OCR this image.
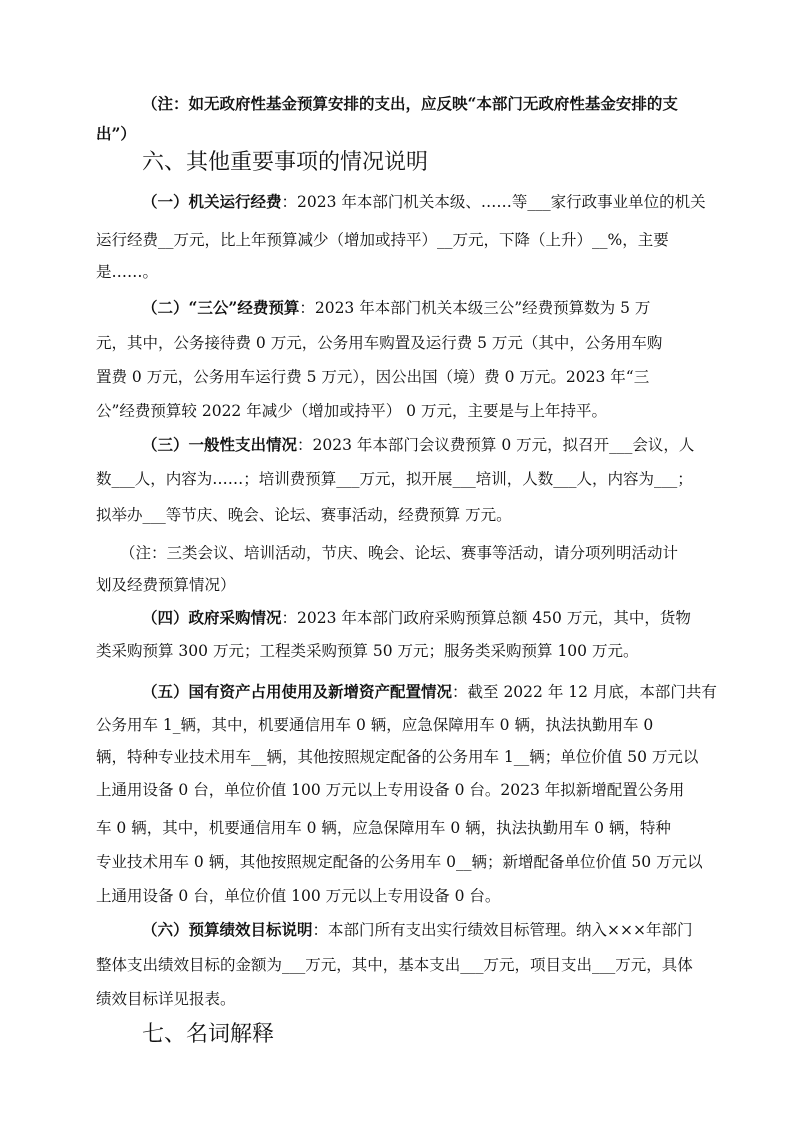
（注：如无政府性基金预算安排的支出，应反映“本部门无政府性基金安排的支
出”）
六、其他重要事项的情况说明
（一）机关运行经费：2023 年本部门机关本级、……等___家行政事业单位的机关
运行经费__万元，比上年预算减少（增加或持平）__万元，下降（上升）__%，主要
是……。
（二）“三公”经费预算：2023 年本部门机关本级三公”经费预算数为 5 万
元，其中，公务接待费 0 万元，公务用车购置及运行费 5 万元（其中，公务用车购
置费 0 万元，公务用车运行费 5 万元），因公出国（境）费 0 万元。2023 年“三
公”经费预算较 2022 年减少（增加或持平） 0 万元，主要是与上年持平。
（三）一般性支出情况：2023 年本部门会议费预算 0 万元，拟召开___会议，人
数___人，内容为……；培训费预算___万元，拟开展___培训，人数___人，内容为___；
拟举办___等节庆、晚会、论坛、赛事活动，经费预算 万元。
（注：三类会议、培训活动，节庆、晚会、论坛、赛事等活动，请分项列明活动计
划及经费预算情况）
（四）政府采购情况：2023 年本部门政府采购预算总额 450 万元，其中，货物
类采购预算 300 万元；工程类采购预算 50 万元；服务类采购预算 100 万元。
（五）国有资产占用使用及新增资产配置情况：截至 2022 年 12 月底，本部门共有
公务用车 1_辆，其中，机要通信用车 0 辆，应急保障用车 0 辆，执法执勤用车 0
辆，特种专业技术用车__辆，其他按照规定配备的公务用车 1__辆；单位价值 50 万元以
上通用设备 0 台，单位价值 100 万元以上专用设备 0 台。2023 年拟新增配置公务用
车 0 辆，其中，机要通信用车 0 辆，应急保障用车 0 辆，执法执勤用车 0 辆，特种
专业技术用车 0 辆，其他按照规定配备的公务用车 0__辆；新增配备单位价值 50 万元以
上通用设备 0 台，单位价值 100 万元以上专用设备 0 台。
（六）预算绩效目标说明：本部门所有支出实行绩效目标管理。纳入×××年部门
整体支出绩效目标的金额为___万元，其中，基本支出___万元，项目支出___万元，具体
绩效目标详见报表。
七、名词解释
